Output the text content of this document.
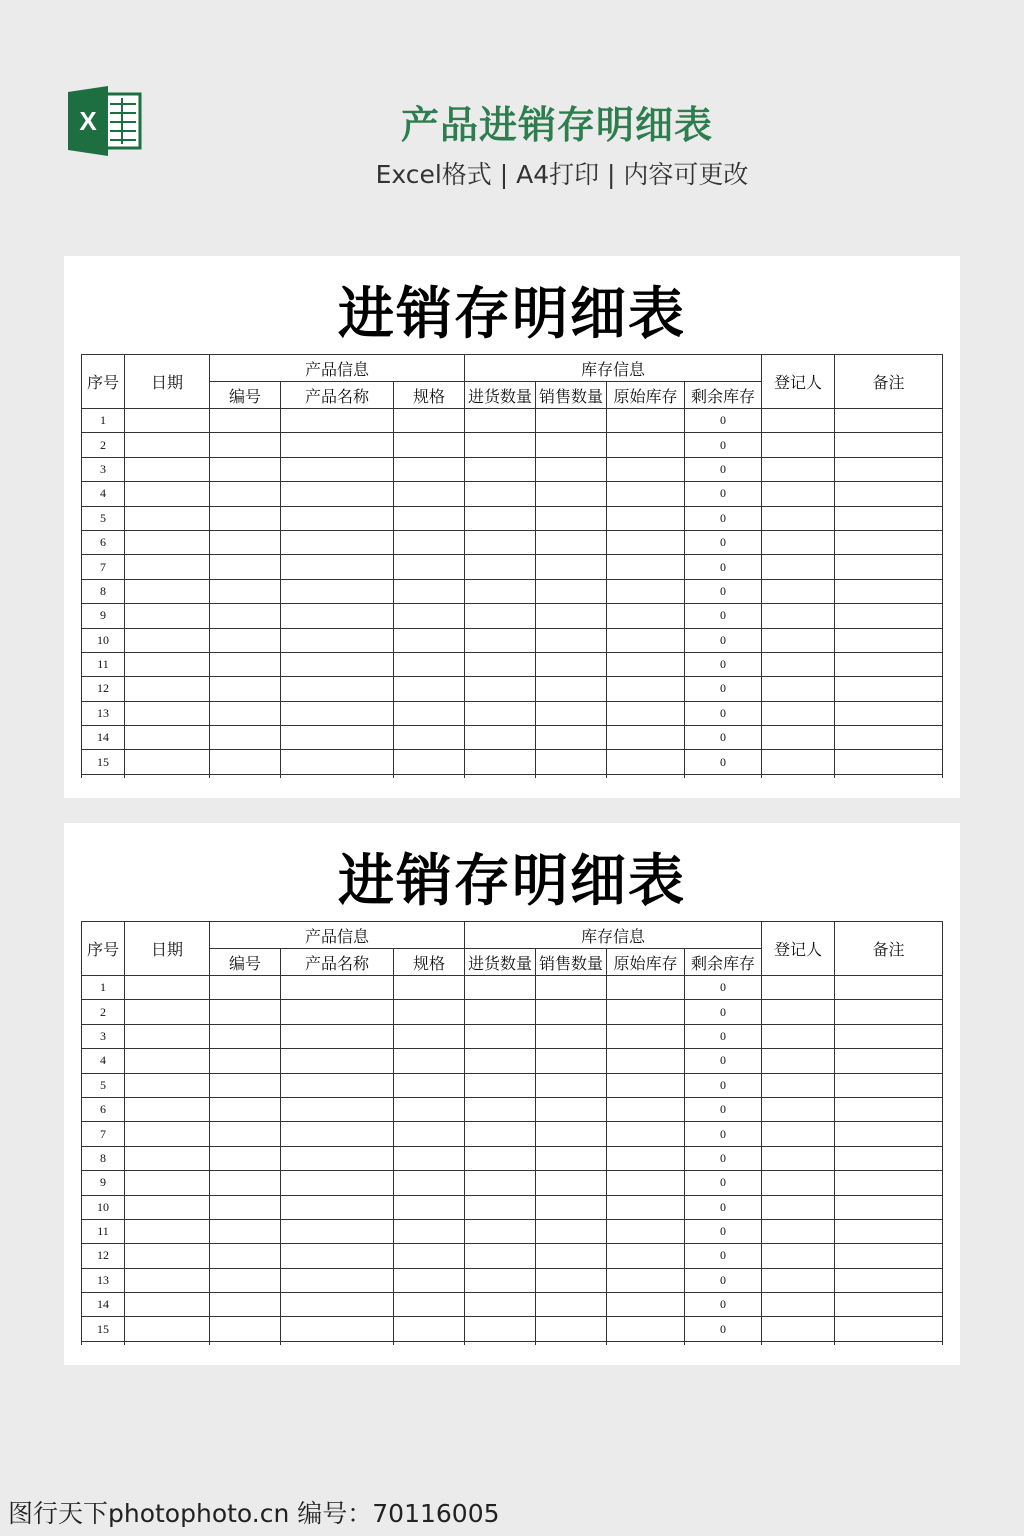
X	产品进销存明细表
Excel格式 | A4打印 | 内容可更改
进销存明细表
序号	日期	产品信息			库存信息				登记人	备注
		编号	产品名称	规格	进货数量	销售数量	原始库存	剩余库存		
1								0		
2								0		
3								0		
4								0		
5								0		
6								0		
7								0		
8								0		
9								0		
10								0		
11								0		
12								0		
13								0		
14								0		
15								0		

进销存明细表
序号	日期	产品信息			库存信息				登记人	备注
		编号	产品名称	规格	进货数量	销售数量	原始库存	剩余库存		
1								0		
2								0		
3								0		
4								0		
5								0		
6								0		
7								0		
8								0		
9								0		
10								0		
11								0		
12								0		
13								0		
14								0		
15								0		

图行天下photophoto.cn 编号：70116005
